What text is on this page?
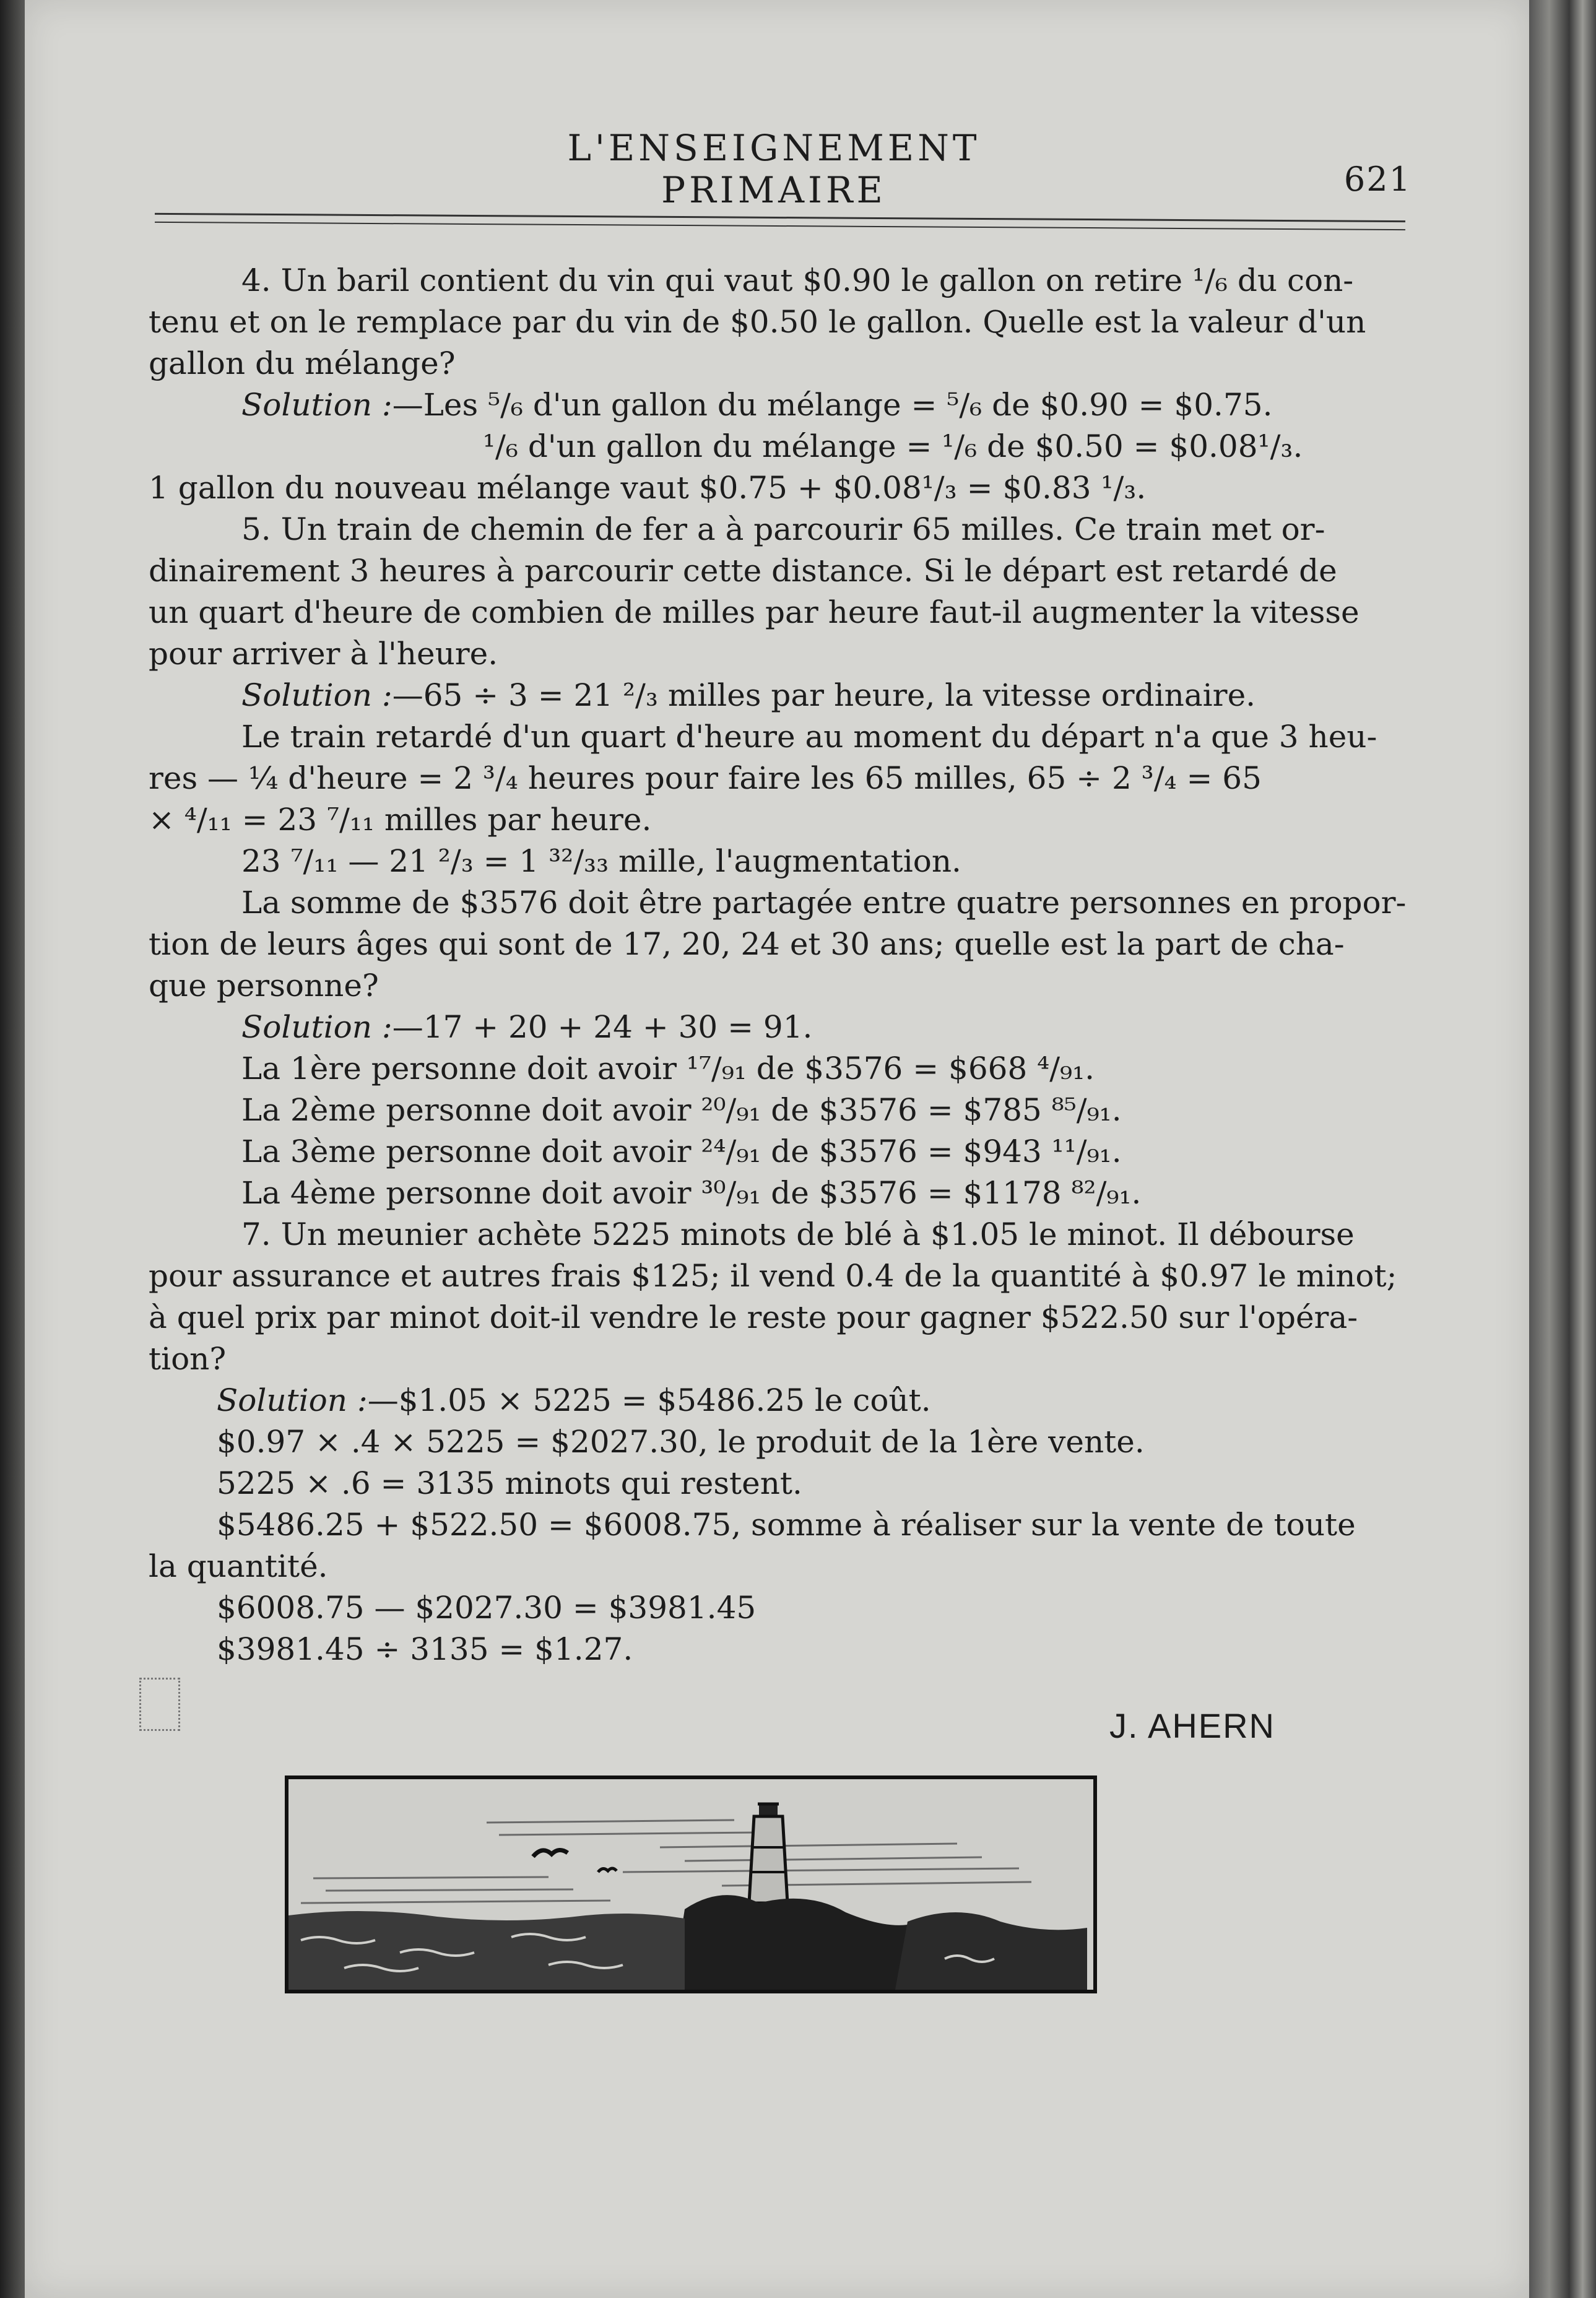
L'ENSEIGNEMENT PRIMAIRE	621
4. Un baril contient du vin qui vaut $0.90 le gallon on retire ¹/₆ du con-
tenu et on le remplace par du vin de $0.50 le gallon. Quelle est la valeur d'un
gallon du mélange?
Solution :—Les ⁵/₆ d'un gallon du mélange = ⁵/₆ de $0.90 = $0.75.
¹/₆ d'un gallon du mélange = ¹/₆ de $0.50 = $0.08¹/₃.
1 gallon du nouveau mélange vaut $0.75 + $0.08¹/₃ = $0.83 ¹/₃.
5. Un train de chemin de fer a à parcourir 65 milles. Ce train met or-
dinairement 3 heures à parcourir cette distance. Si le départ est retardé de
un quart d'heure de combien de milles par heure faut-il augmenter la vitesse
pour arriver à l'heure.
Solution :—65 ÷ 3 = 21 ²/₃ milles par heure, la vitesse ordinaire.
Le train retardé d'un quart d'heure au moment du départ n'a que 3 heu-
res — ¼ d'heure = 2 ³/₄ heures pour faire les 65 milles, 65 ÷ 2 ³/₄ = 65
× ⁴/₁₁ = 23 ⁷/₁₁ milles par heure.
23 ⁷/₁₁ — 21 ²/₃ = 1 ³²/₃₃ mille, l'augmentation.
La somme de $3576 doit être partagée entre quatre personnes en propor-
tion de leurs âges qui sont de 17, 20, 24 et 30 ans; quelle est la part de cha-
que personne?
Solution :—17 + 20 + 24 + 30 = 91.
La 1ère personne doit avoir ¹⁷/₉₁ de $3576 = $668 ⁴/₉₁.
La 2ème personne doit avoir ²⁰/₉₁ de $3576 = $785 ⁸⁵/₉₁.
La 3ème personne doit avoir ²⁴/₉₁ de $3576 = $943 ¹¹/₉₁.
La 4ème personne doit avoir ³⁰/₉₁ de $3576 = $1178 ⁸²/₉₁.
7. Un meunier achète 5225 minots de blé à $1.05 le minot. Il débourse
pour assurance et autres frais $125; il vend 0.4 de la quantité à $0.97 le minot;
à quel prix par minot doit-il vendre le reste pour gagner $522.50 sur l'opéra-
tion?
Solution :—$1.05 × 5225 = $5486.25 le coût.
$0.97 × .4 × 5225 = $2027.30, le produit de la 1ère vente.
5225 × .6 = 3135 minots qui restent.
$5486.25 + $522.50 = $6008.75, somme à réaliser sur la vente de toute
la quantité.
$6008.75 — $2027.30 = $3981.45
$3981.45 ÷ 3135 = $1.27.
J. AHERN
